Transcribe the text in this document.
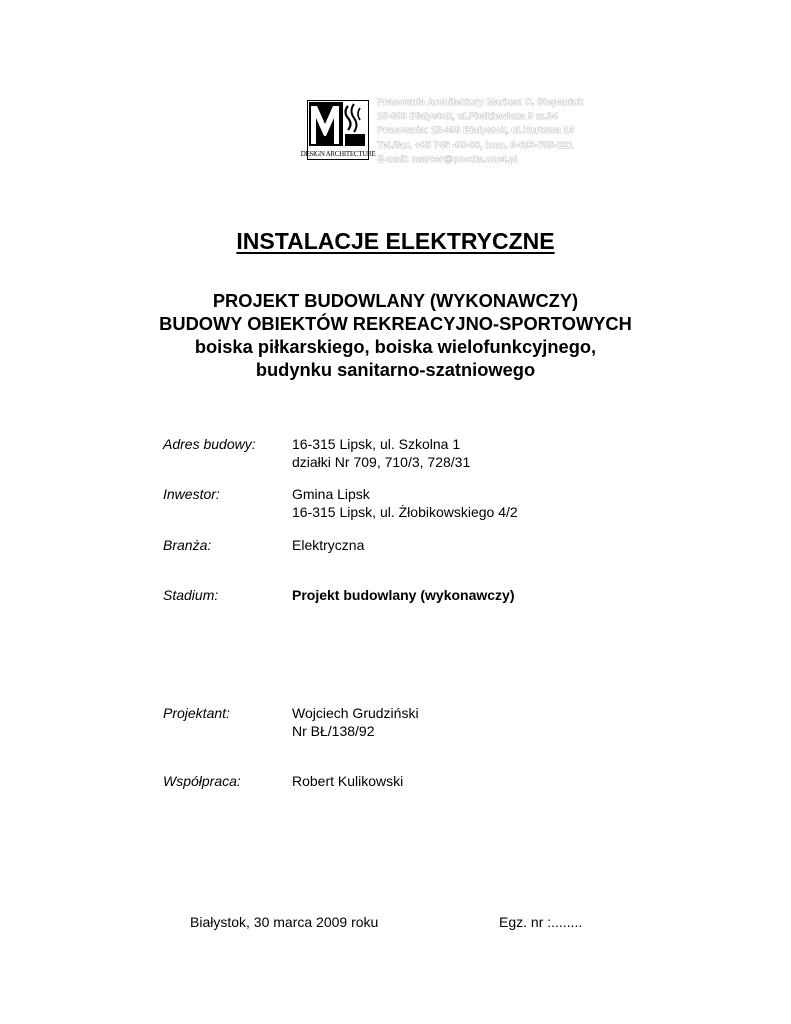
DESIGN ARCHITECTURE
Pracownia Architektury Mariusz C. Stepaniuk
15-689 Białystok, ul.Pietkiewicza 9 m.34
Pracownia: 15-399 Białystok, ul.Hurtowa 13
Tel./fax. +85 745 -90-88, kom. 0-603-755-221
E-mail: marcer@poczta.onet.pl
INSTALACJE ELEKTRYCZNE
PROJEKT BUDOWLANY (WYKONAWCZY)
BUDOWY OBIEKTÓW REKREACYJNO-SPORTOWYCH
boiska piłkarskiego, boiska wielofunkcyjnego,
budynku sanitarno-szatniowego
Adres budowy:	16-315 Lipsk, ul. Szkolna 1
działki Nr 709, 710/3, 728/31
Inwestor:	Gmina Lipsk
16-315 Lipsk, ul. Żłobikowskiego 4/2
Branża:	Elektryczna
Stadium:	Projekt budowlany (wykonawczy)
Projektant:	Wojciech Grudziński
Nr BŁ/138/92
Współpraca:	Robert Kulikowski
Białystok, 30 marca 2009 roku	Egz. nr :........
